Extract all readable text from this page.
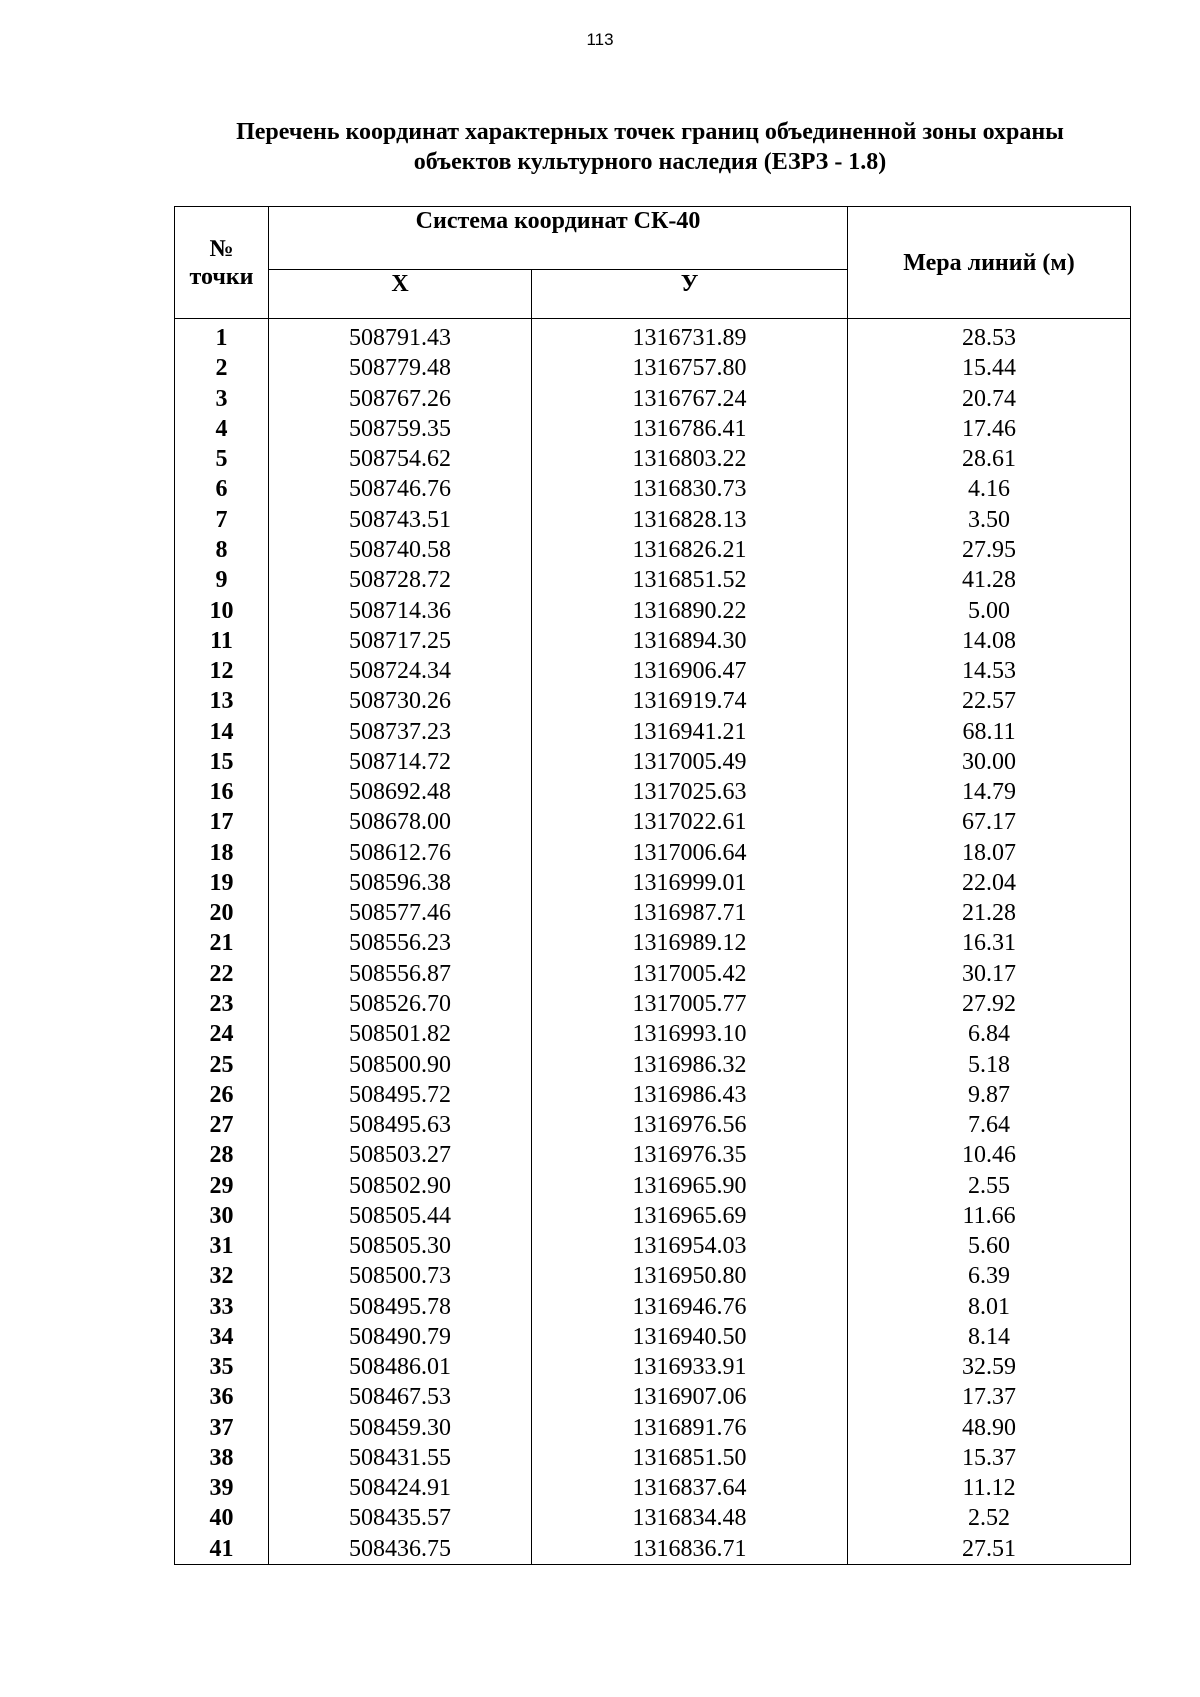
113
Перечень координат характерных точек границ объединенной зоны охраны
объектов культурного наследия (ЕЗРЗ - 1.8)
№
точки	Система координат СК-40		Мера линий (м)
	Х	У	
1	508791.43	1316731.89	28.53
2	508779.48	1316757.80	15.44
3	508767.26	1316767.24	20.74
4	508759.35	1316786.41	17.46
5	508754.62	1316803.22	28.61
6	508746.76	1316830.73	4.16
7	508743.51	1316828.13	3.50
8	508740.58	1316826.21	27.95
9	508728.72	1316851.52	41.28
10	508714.36	1316890.22	5.00
11	508717.25	1316894.30	14.08
12	508724.34	1316906.47	14.53
13	508730.26	1316919.74	22.57
14	508737.23	1316941.21	68.11
15	508714.72	1317005.49	30.00
16	508692.48	1317025.63	14.79
17	508678.00	1317022.61	67.17
18	508612.76	1317006.64	18.07
19	508596.38	1316999.01	22.04
20	508577.46	1316987.71	21.28
21	508556.23	1316989.12	16.31
22	508556.87	1317005.42	30.17
23	508526.70	1317005.77	27.92
24	508501.82	1316993.10	6.84
25	508500.90	1316986.32	5.18
26	508495.72	1316986.43	9.87
27	508495.63	1316976.56	7.64
28	508503.27	1316976.35	10.46
29	508502.90	1316965.90	2.55
30	508505.44	1316965.69	11.66
31	508505.30	1316954.03	5.60
32	508500.73	1316950.80	6.39
33	508495.78	1316946.76	8.01
34	508490.79	1316940.50	8.14
35	508486.01	1316933.91	32.59
36	508467.53	1316907.06	17.37
37	508459.30	1316891.76	48.90
38	508431.55	1316851.50	15.37
39	508424.91	1316837.64	11.12
40	508435.57	1316834.48	2.52
41	508436.75	1316836.71	27.51
